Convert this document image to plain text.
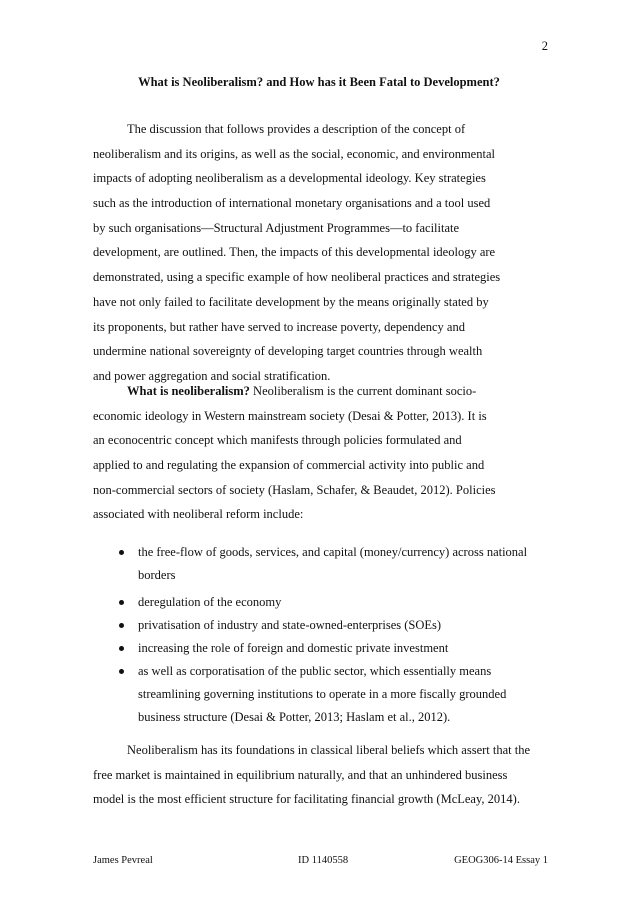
2
What is Neoliberalism? and How has it Been Fatal to Development?
The discussion that follows provides a description of the concept of
neoliberalism and its origins, as well as the social, economic, and environmental
impacts of adopting neoliberalism as a developmental ideology. Key strategies
such as the introduction of international monetary organisations and a tool used
by such organisations—Structural Adjustment Programmes—to facilitate
development, are outlined. Then, the impacts of this developmental ideology are
demonstrated, using a specific example of how neoliberal practices and strategies
have not only failed to facilitate development by the means originally stated by
its proponents, but rather have served to increase poverty, dependency and
undermine national sovereignty of developing target countries through wealth
and power aggregation and social stratification.
What is neoliberalism? Neoliberalism is the current dominant socio-
economic ideology in Western mainstream society (Desai & Potter, 2013). It is
an econocentric concept which manifests through policies formulated and
applied to and regulating the expansion of commercial activity into public and
non-commercial sectors of society (Haslam, Schafer, & Beaudet, 2012). Policies
associated with neoliberal reform include:
the free-flow of goods, services, and capital (money/currency) across national
borders
deregulation of the economy
privatisation of industry and state-owned-enterprises (SOEs)
increasing the role of foreign and domestic private investment
as well as corporatisation of the public sector, which essentially means
streamlining governing institutions to operate in a more fiscally grounded
business structure (Desai & Potter, 2013; Haslam et al., 2012).
Neoliberalism has its foundations in classical liberal beliefs which assert that the
free market is maintained in equilibrium naturally, and that an unhindered business
model is the most efficient structure for facilitating financial growth (McLeay, 2014).
James Pevreal	ID 1140558	GEOG306-14 Essay 1
